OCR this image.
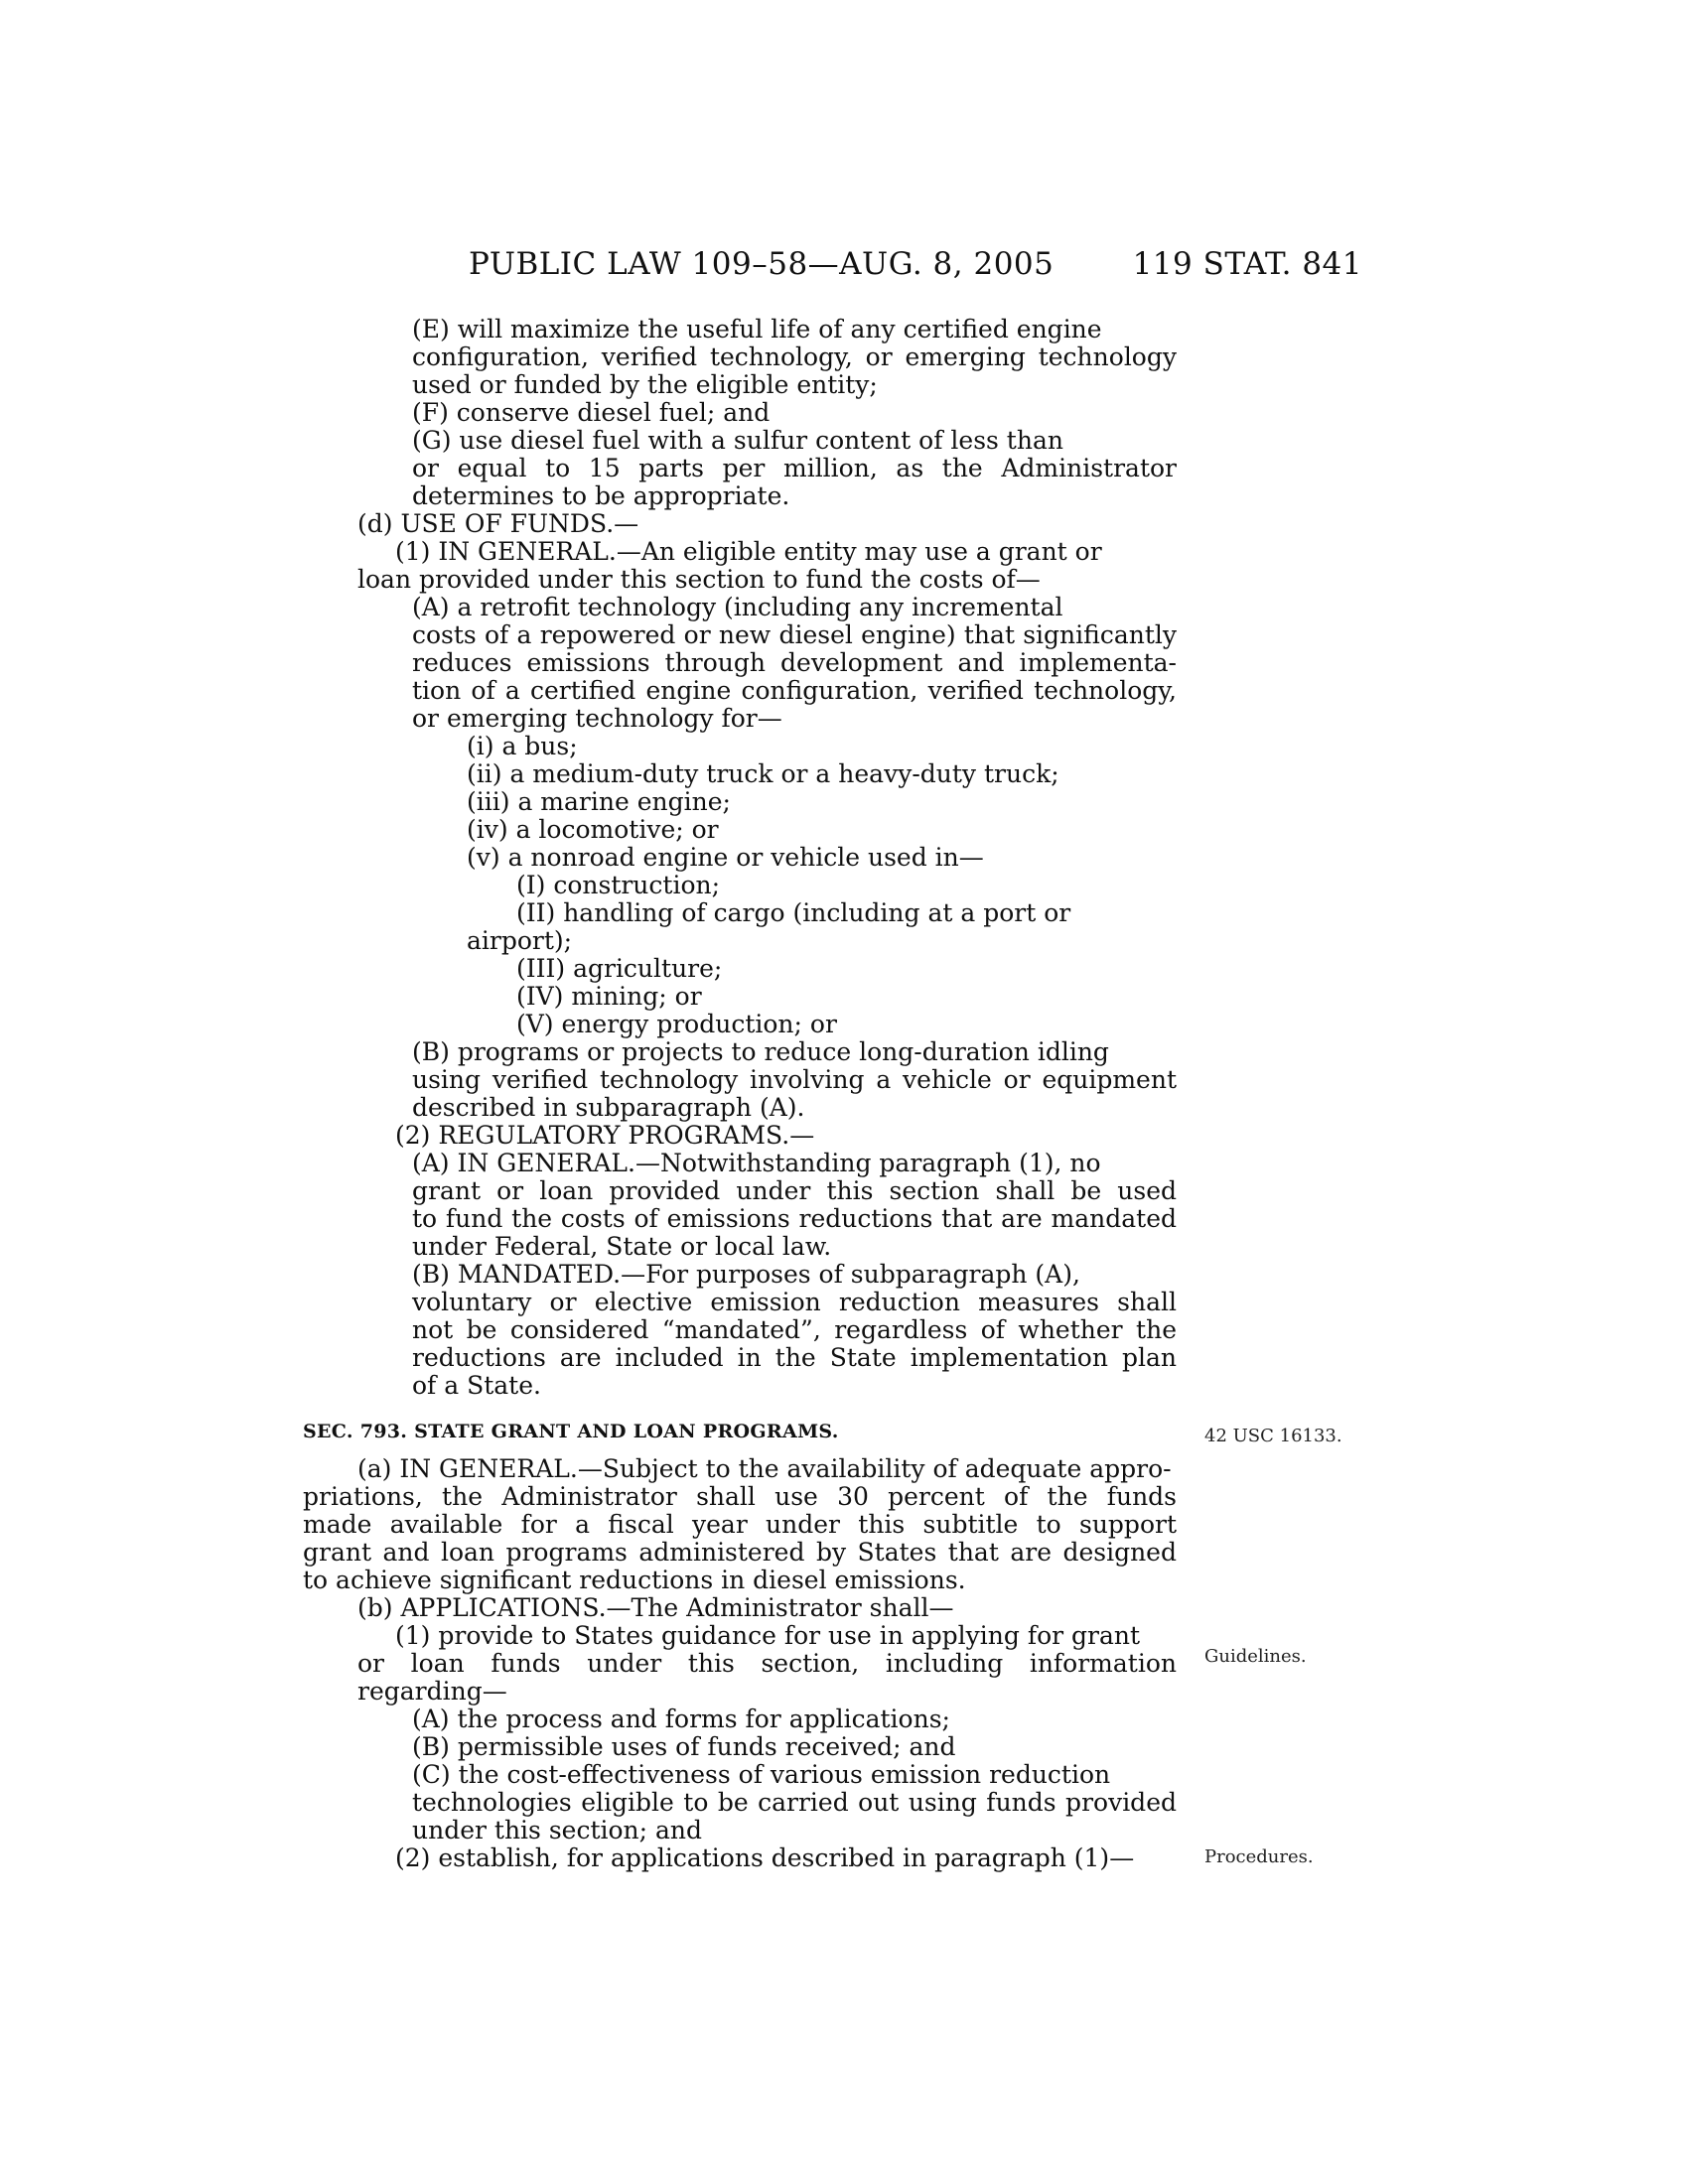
PUBLIC LAW 109–58—AUG. 8, 2005	119 STAT. 841
(E) will maximize the useful life of any certified engine
configuration, verified technology, or emerging technology
used or funded by the eligible entity;
(F) conserve diesel fuel; and
(G) use diesel fuel with a sulfur content of less than
or equal to 15 parts per million, as the Administrator
determines to be appropriate.
(d) USE OF FUNDS.—
(1) IN GENERAL.—An eligible entity may use a grant or
loan provided under this section to fund the costs of—
(A) a retrofit technology (including any incremental
costs of a repowered or new diesel engine) that significantly
reduces emissions through development and implementa-
tion of a certified engine configuration, verified technology,
or emerging technology for—
(i) a bus;
(ii) a medium-duty truck or a heavy-duty truck;
(iii) a marine engine;
(iv) a locomotive; or
(v) a nonroad engine or vehicle used in—
(I) construction;
(II) handling of cargo (including at a port or
airport);
(III) agriculture;
(IV) mining; or
(V) energy production; or
(B) programs or projects to reduce long-duration idling
using verified technology involving a vehicle or equipment
described in subparagraph (A).
(2) REGULATORY PROGRAMS.—
(A) IN GENERAL.—Notwithstanding paragraph (1), no
grant or loan provided under this section shall be used
to fund the costs of emissions reductions that are mandated
under Federal, State or local law.
(B) MANDATED.—For purposes of subparagraph (A),
voluntary or elective emission reduction measures shall
not be considered “mandated”, regardless of whether the
reductions are included in the State implementation plan
of a State.
SEC. 793. STATE GRANT AND LOAN PROGRAMS.
(a) IN GENERAL.—Subject to the availability of adequate appro-
priations, the Administrator shall use 30 percent of the funds
made available for a fiscal year under this subtitle to support
grant and loan programs administered by States that are designed
to achieve significant reductions in diesel emissions.
(b) APPLICATIONS.—The Administrator shall—
(1) provide to States guidance for use in applying for grant
or loan funds under this section, including information
regarding—
(A) the process and forms for applications;
(B) permissible uses of funds received; and
(C) the cost-effectiveness of various emission reduction
technologies eligible to be carried out using funds provided
under this section; and
(2) establish, for applications described in paragraph (1)—
42 USC 16133.
Guidelines.
Procedures.
